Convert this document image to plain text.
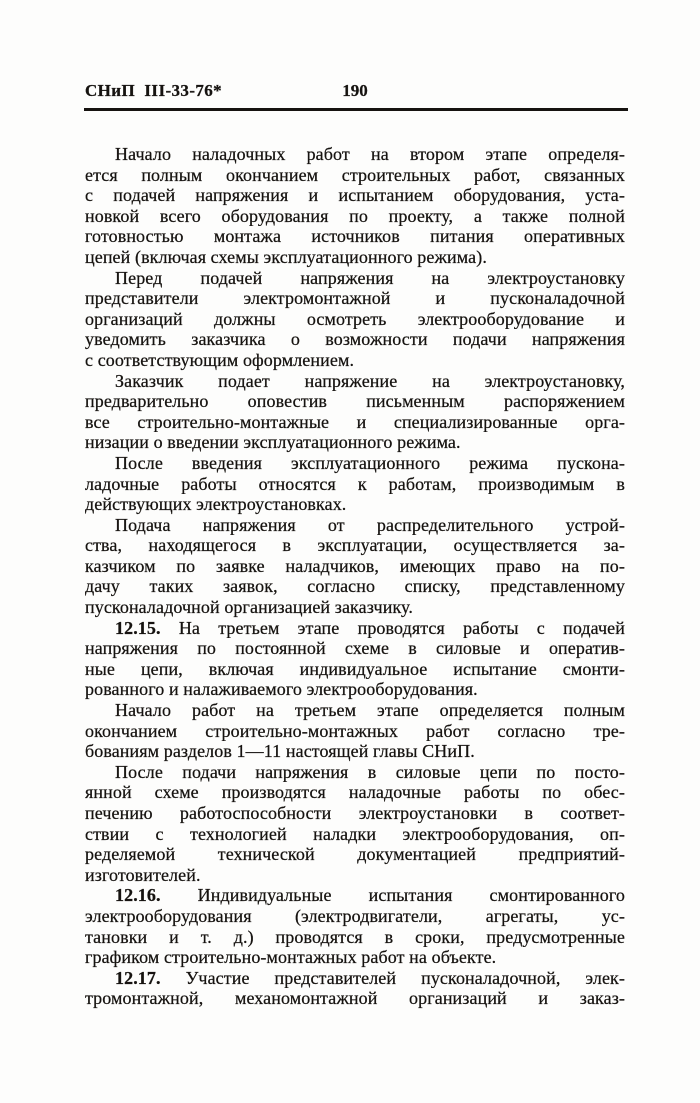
СНиП  III-33-76*	190

Начало наладочных работ на втором этапе определя-
ется полным окончанием строительных работ, связанных
с подачей напряжения и испытанием оборудования, уста-
новкой всего оборудования по проекту, а также полной
готовностью монтажа источников питания оперативных
цепей (включая схемы эксплуатационного режима).

Перед подачей напряжения на электроустановку
представители электромонтажной и пусконаладочной
организаций должны осмотреть электрооборудование и
уведомить заказчика о возможности подачи напряжения
с соответствующим оформлением.

Заказчик подает напряжение на электроустановку,
предварительно оповестив письменным распоряжением
все строительно-монтажные и специализированные орга-
низации о введении эксплуатационного режима.

После введения эксплуатационного режима пускона-
ладочные работы относятся к работам, производимым в
действующих электроустановках.

Подача напряжения от распределительного устрой-
ства, находящегося в эксплуатации, осуществляется за-
казчиком по заявке наладчиков, имеющих право на по-
дачу таких заявок, согласно списку, представленному
пусконаладочной организацией заказчику.

12.15. На третьем этапе проводятся работы с подачей
напряжения по постоянной схеме в силовые и оператив-
ные цепи, включая индивидуальное испытание смонти-
рованного и налаживаемого электрооборудования.

Начало работ на третьем этапе определяется полным
окончанием строительно-монтажных работ согласно тре-
бованиям разделов 1—11 настоящей главы СНиП.

После подачи напряжения в силовые цепи по посто-
янной схеме производятся наладочные работы по обес-
печению работоспособности электроустановки в соответ-
ствии с технологией наладки электрооборудования, оп-
ределяемой технической документацией предприятий-
изготовителей.

12.16. Индивидуальные испытания смонтированного
электрооборудования (электродвигатели, агрегаты, ус-
тановки и т. д.) проводятся в сроки, предусмотренные
графиком строительно-монтажных работ на объекте.

12.17. Участие представителей пусконаладочной, элек-
тромонтажной, механомонтажной организаций и заказ-
